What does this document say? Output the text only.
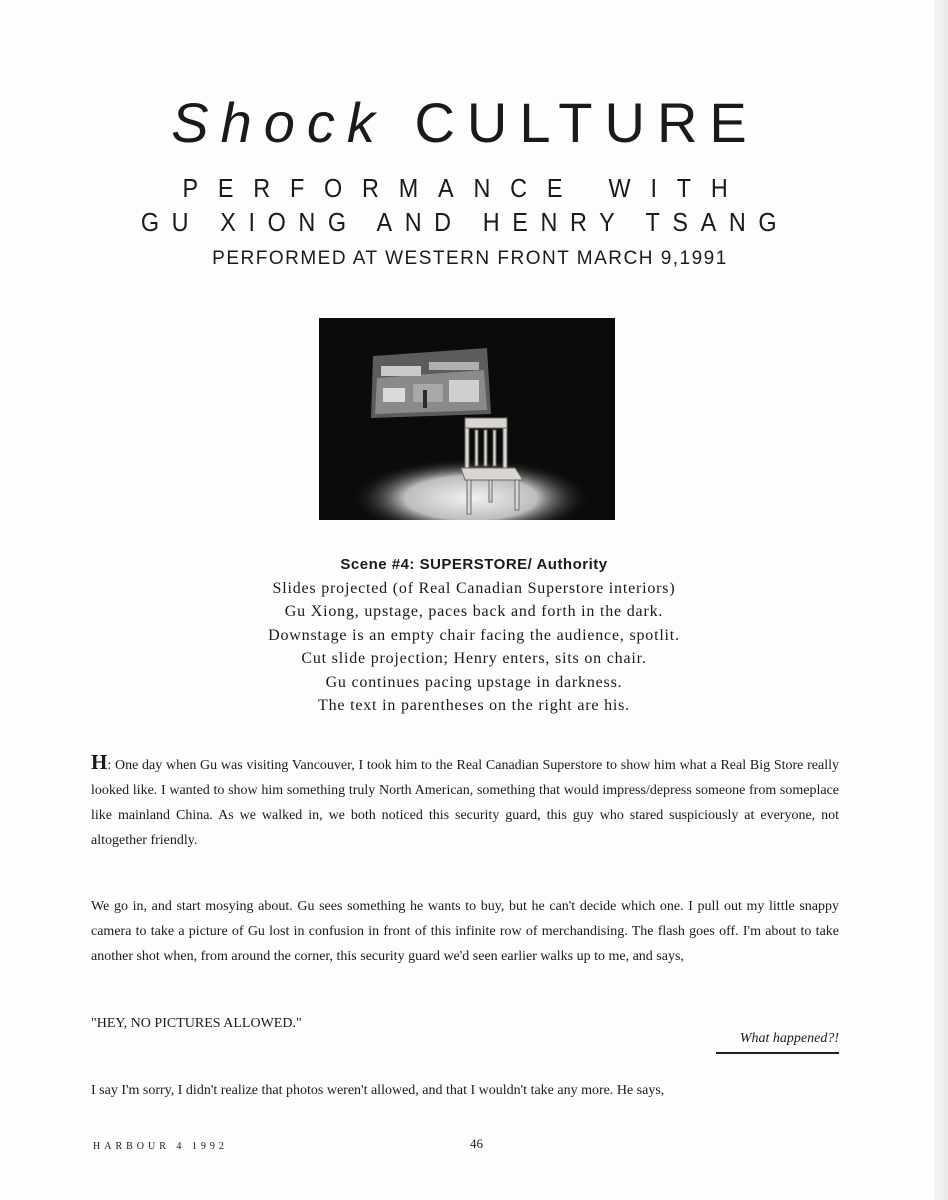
Shock CULTURE
PERFORMANCE WITH
GU XIONG AND HENRY TSANG
PERFORMED AT WESTERN FRONT MARCH 9,1991
Scene #4: SUPERSTORE/ Authority
Slides projected (of Real Canadian Superstore interiors)
Gu Xiong, upstage, paces back and forth in the dark.
Downstage is an empty chair facing the audience, spotlit.
Cut slide projection; Henry enters, sits on chair.
Gu continues pacing upstage in darkness.
The text in parentheses on the right are his.
H: One day when Gu was visiting Vancouver, I took him to the Real Canadian Superstore to show him what a Real Big Store really looked like. I wanted to show him something truly North American, something that would impress/depress someone from someplace like mainland China. As we walked in, we both noticed this security guard, this guy who stared suspiciously at everyone, not altogether friendly.
We go in, and start mosying about. Gu sees something he wants to buy, but he can't decide which one. I pull out my little snappy camera to take a picture of Gu lost in confusion in front of this infinite row of merchandising. The flash goes off. I'm about to take another shot when, from around the corner, this security guard we'd seen earlier walks up to me, and says,
"HEY, NO PICTURES ALLOWED."
What happened?!
I say I'm sorry, I didn't realize that photos weren't allowed, and that I wouldn't take any more. He says,
HARBOUR 4 1992	46
